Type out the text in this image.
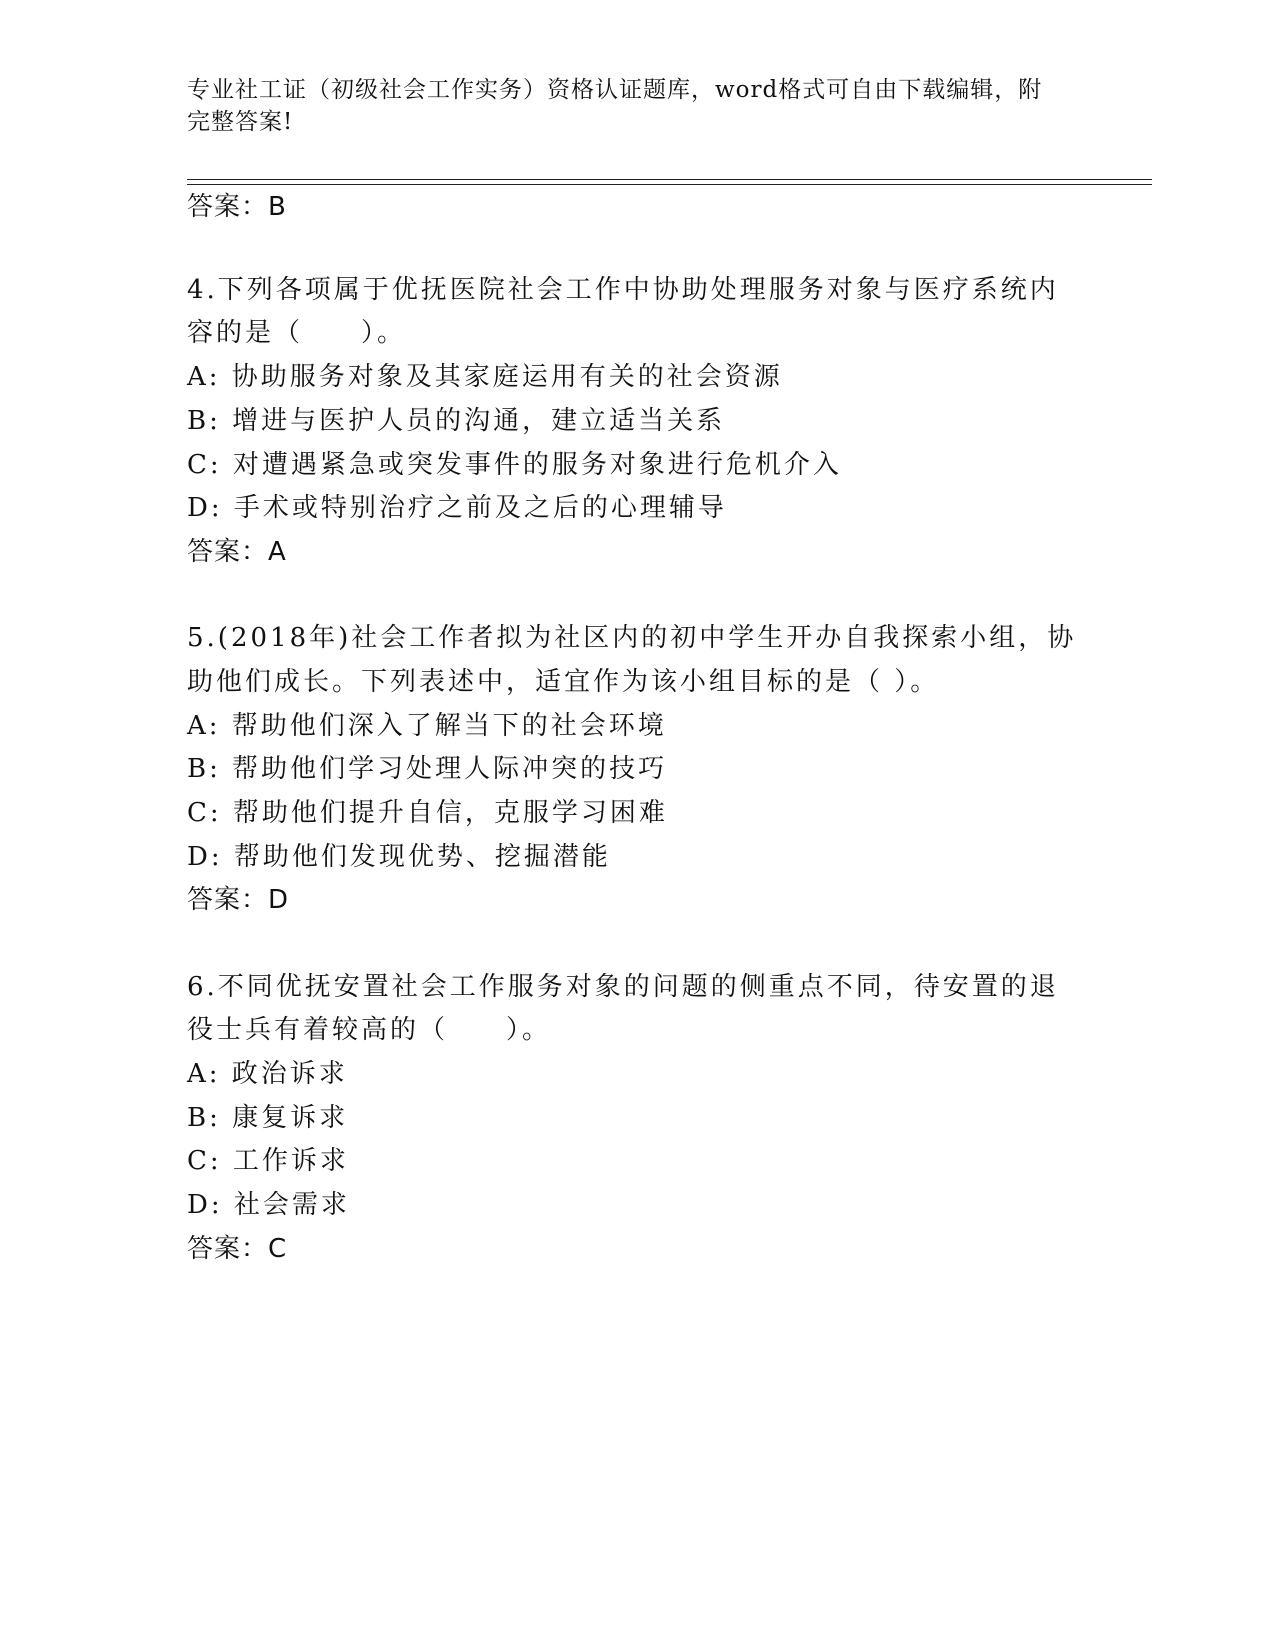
专业社工证（初级社会工作实务）资格认证题库，word格式可自由下载编辑，附
完整答案!
答案：B
4.下列各项属于优抚医院社会工作中协助处理服务对象与医疗系统内
容的是（　　）。
A: 协助服务对象及其家庭运用有关的社会资源
B: 增进与医护人员的沟通，建立适当关系
C: 对遭遇紧急或突发事件的服务对象进行危机介入
D: 手术或特别治疗之前及之后的心理辅导
答案：A
5.(2018年)社会工作者拟为社区内的初中学生开办自我探索小组，协
助他们成长。下列表述中，适宜作为该小组目标的是（ ）。
A: 帮助他们深入了解当下的社会环境
B: 帮助他们学习处理人际冲突的技巧
C: 帮助他们提升自信，克服学习困难
D: 帮助他们发现优势、挖掘潜能
答案：D
6.不同优抚安置社会工作服务对象的问题的侧重点不同，待安置的退
役士兵有着较高的（　　）。
A: 政治诉求
B: 康复诉求
C: 工作诉求
D: 社会需求
答案：C
